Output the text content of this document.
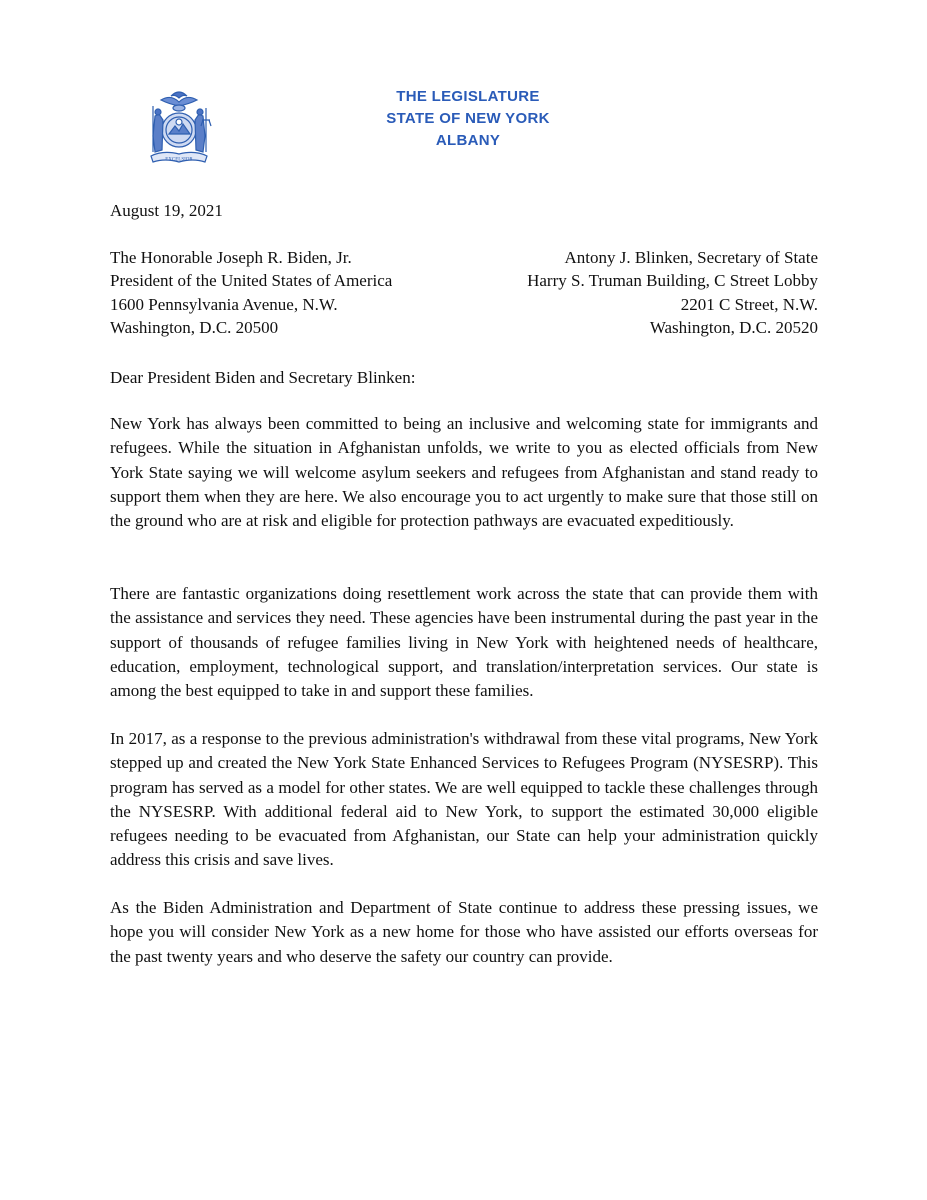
EXCELSIOR
THE LEGISLATURE
STATE OF NEW YORK
ALBANY
August 19, 2021
The Honorable Joseph R. Biden, Jr.
President of the United States of America
1600 Pennsylvania Avenue, N.W.
Washington, D.C. 20500
Antony J. Blinken, Secretary of State
Harry S. Truman Building, C Street Lobby
2201 C Street, N.W.
Washington, D.C. 20520
Dear President Biden and Secretary Blinken:

New York has always been committed to being an inclusive and welcoming state for immigrants and refugees. While the situation in Afghanistan unfolds, we write to you as elected officials from New York State saying we will welcome asylum seekers and refugees from Afghanistan and stand ready to support them when they are here. We also encourage you to act urgently to make sure that those still on the ground who are at risk and eligible for protection pathways are evacuated expeditiously.

There are fantastic organizations doing resettlement work across the state that can provide them with the assistance and services they need. These agencies have been instrumental during the past year in the support of thousands of refugee families living in New York with heightened needs of healthcare, education, employment, technological support, and translation/interpretation services. Our state is among the best equipped to take in and support these families.

In 2017, as a response to the previous administration's withdrawal from these vital programs, New York stepped up and created the New York State Enhanced Services to Refugees Program (NYSESRP). This program has served as a model for other states. We are well equipped to tackle these challenges through the NYSESRP. With additional federal aid to New York, to support the estimated 30,000 eligible refugees needing to be evacuated from Afghanistan, our State can help your administration quickly address this crisis and save lives.

As the Biden Administration and Department of State continue to address these pressing issues, we hope you will consider New York as a new home for those who have assisted our efforts overseas for the past twenty years and who deserve the safety our country can provide.
